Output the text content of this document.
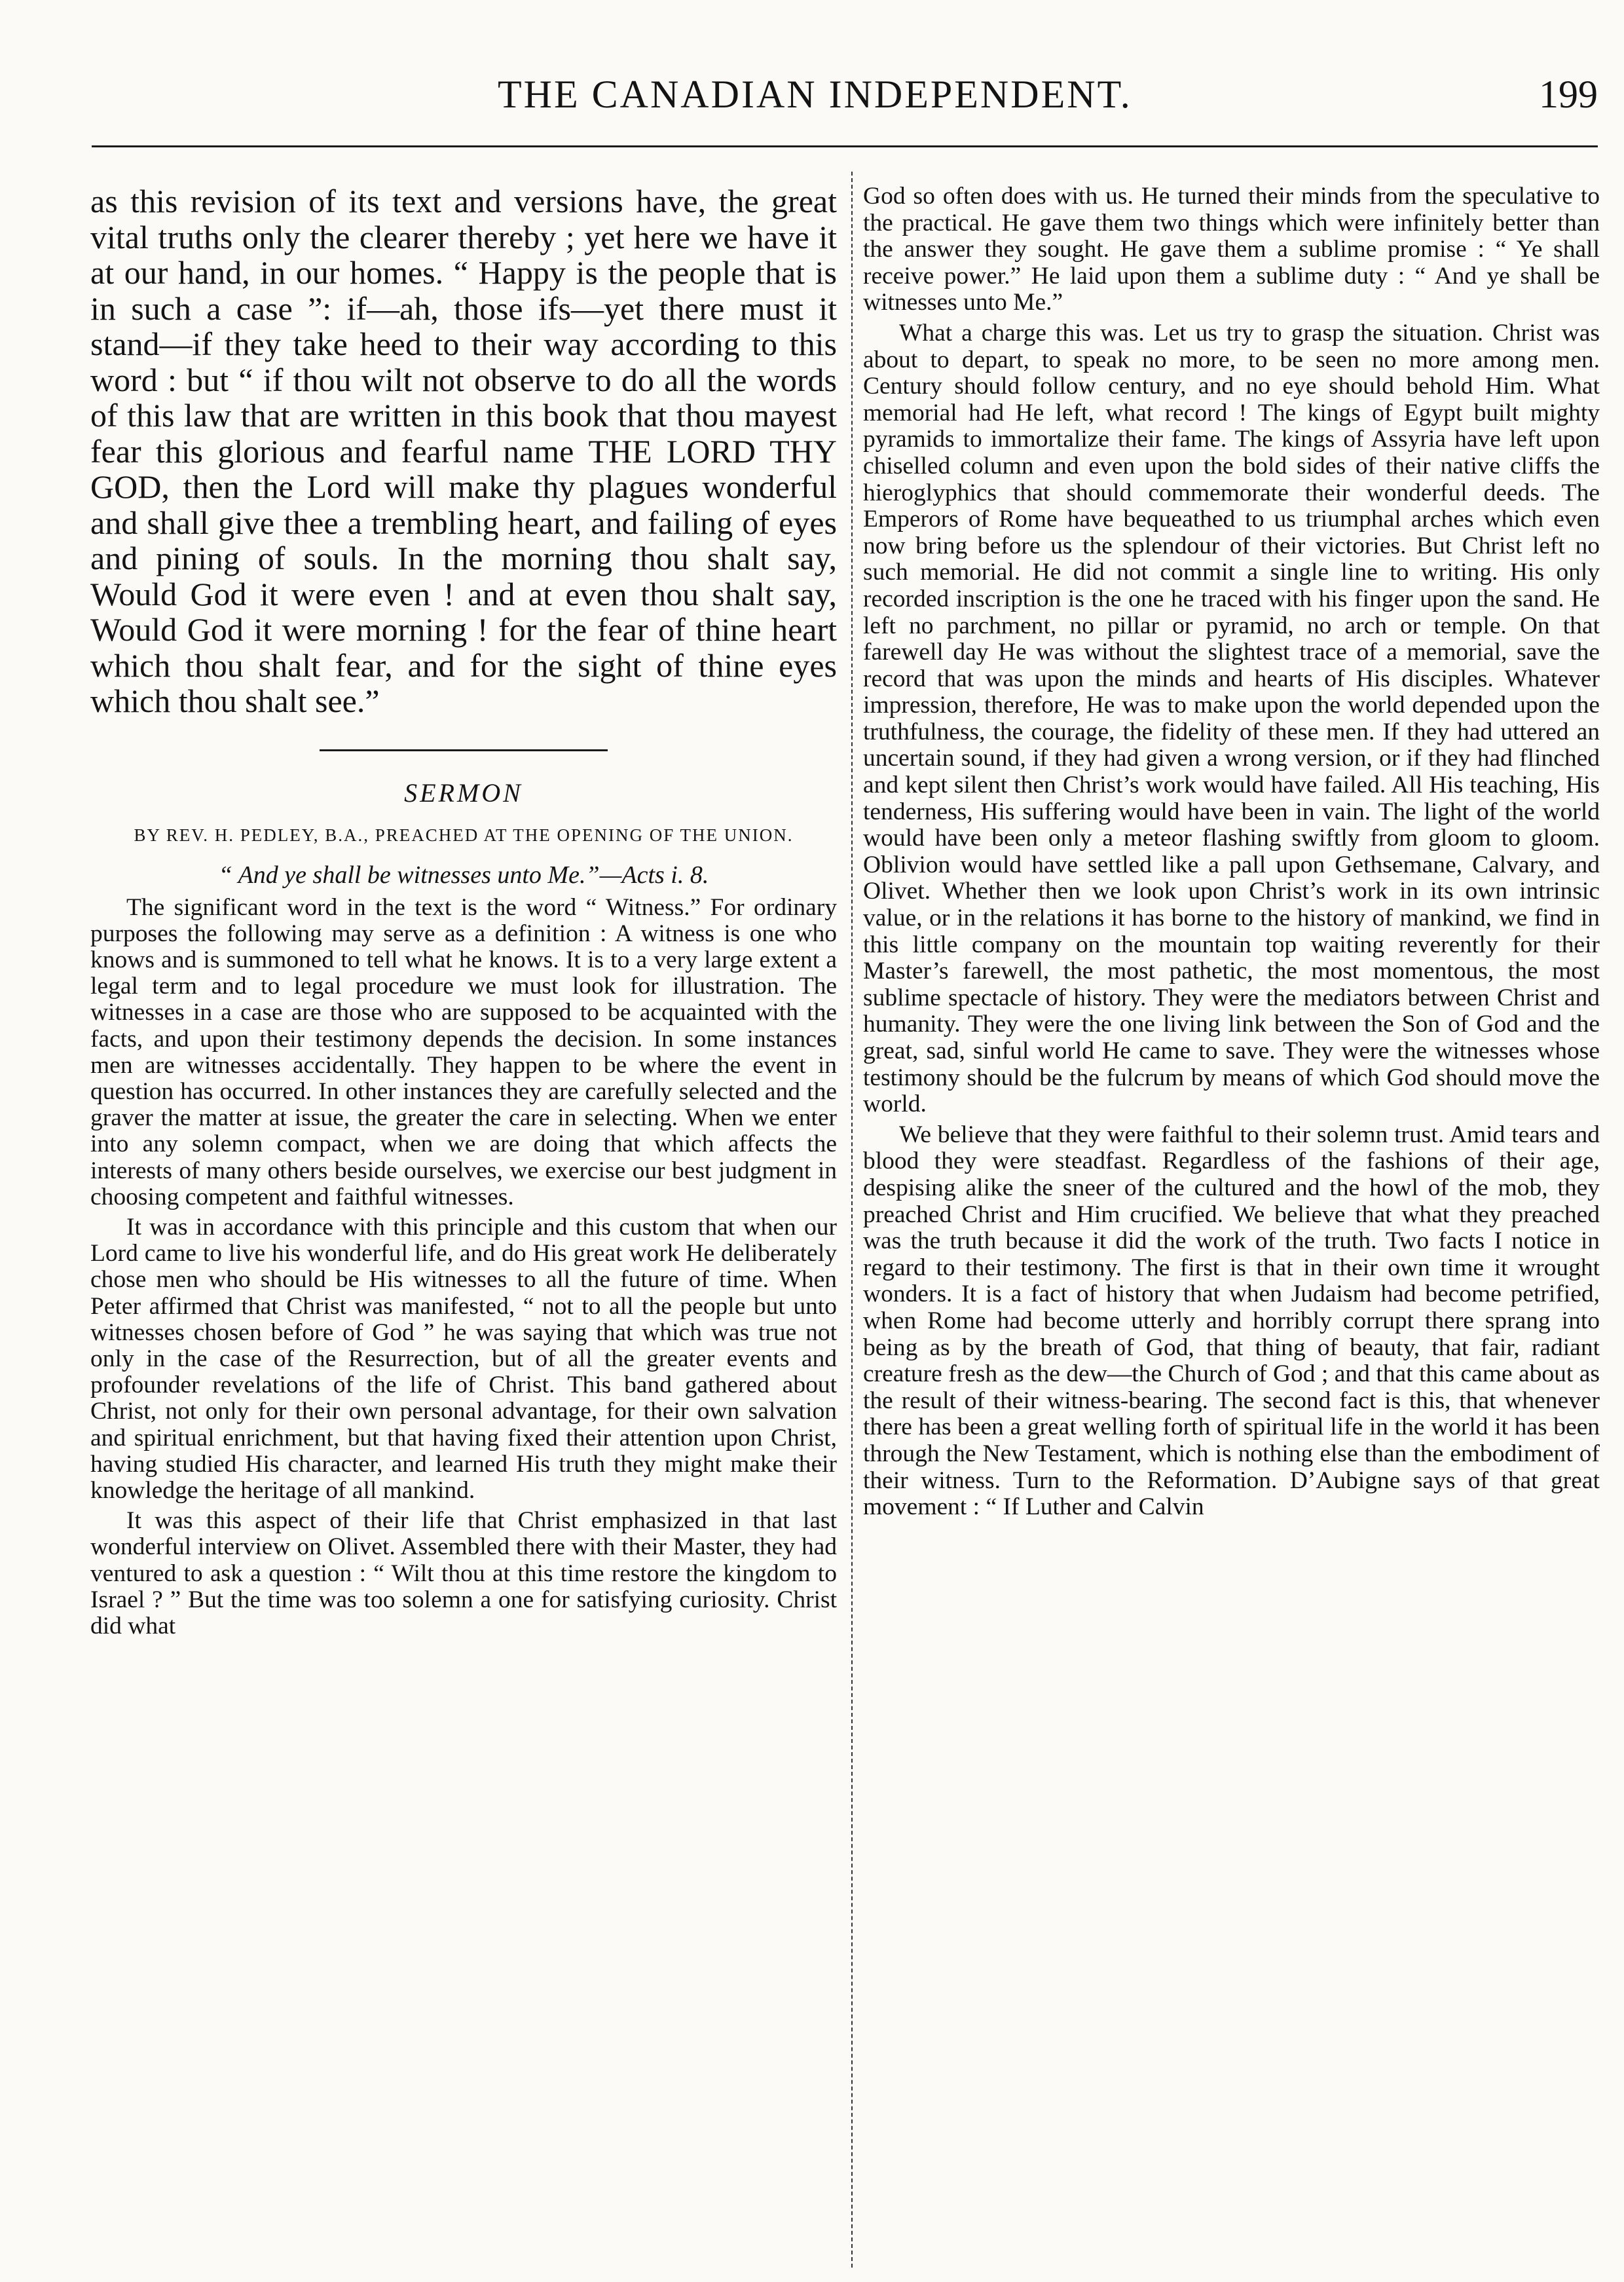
THE CANADIAN INDEPENDENT.	199

as this revision of its text and versions have, the great vital truths only the clearer thereby ; yet here we have it at our hand, in our homes. “ Happy is the people that is in such a case ”: if—ah, those ifs—yet there must it stand—if they take heed to their way according to this word : but “ if thou wilt not observe to do all the words of this law that are written in this book that thou mayest fear this glorious and fearful name THE LORD THY GOD, then the Lord will make thy plagues wonderful and shall give thee a trembling heart, and failing of eyes and pining of souls. In the morning thou shalt say, Would God it were even ! and at even thou shalt say, Would God it were morning ! for the fear of thine heart which thou shalt fear, and for the sight of thine eyes which thou shalt see.”

SERMON
BY REV. H. PEDLEY, B.A., PREACHED AT THE OPENING OF THE UNION.
“ And ye shall be witnesses unto Me.”—Acts i. 8.

The significant word in the text is the word “ Witness.” For ordinary purposes the following may serve as a definition : A witness is one who knows and is summoned to tell what he knows. It is to a very large extent a legal term and to legal procedure we must look for illustration. The witnesses in a case are those who are supposed to be acquainted with the facts, and upon their testimony depends the decision. In some instances men are witnesses accidentally. They happen to be where the event in question has occurred. In other instances they are carefully selected and the graver the matter at issue, the greater the care in selecting. When we enter into any solemn compact, when we are doing that which affects the interests of many others beside ourselves, we exercise our best judgment in choosing competent and faithful witnesses.

It was in accordance with this principle and this custom that when our Lord came to live his wonderful life, and do His great work He deliberately chose men who should be His witnesses to all the future of time. When Peter affirmed that Christ was manifested, “ not to all the people but unto witnesses chosen before of God ” he was saying that which was true not only in the case of the Resurrection, but of all the greater events and profounder revelations of the life of Christ. This band gathered about Christ, not only for their own personal advantage, for their own salvation and spiritual enrichment, but that having fixed their attention upon Christ, having studied His character, and learned His truth they might make their knowledge the heritage of all mankind.

It was this aspect of their life that Christ emphasized in that last wonderful interview on Olivet. Assembled there with their Master, they had ventured to ask a question : “ Wilt thou at this time restore the kingdom to Israel ? ” But the time was too solemn a one for satisfying curiosity. Christ did what

God so often does with us. He turned their minds from the speculative to the practical. He gave them two things which were infinitely better than the answer they sought. He gave them a sublime promise : “ Ye shall receive power.” He laid upon them a sublime duty : “ And ye shall be witnesses unto Me.”

What a charge this was. Let us try to grasp the situation. Christ was about to depart, to speak no more, to be seen no more among men. Century should follow century, and no eye should behold Him. What memorial had He left, what record ! The kings of Egypt built mighty pyramids to immortalize their fame. The kings of Assyria have left upon chiselled column and even upon the bold sides of their native cliffs the hieroglyphics that should commemorate their wonderful deeds. The Emperors of Rome have bequeathed to us triumphal arches which even now bring before us the splendour of their victories. But Christ left no such memorial. He did not commit a single line to writing. His only recorded inscription is the one he traced with his finger upon the sand. He left no parchment, no pillar or pyramid, no arch or temple. On that farewell day He was without the slightest trace of a memorial, save the record that was upon the minds and hearts of His disciples. Whatever impression, therefore, He was to make upon the world depended upon the truthfulness, the courage, the fidelity of these men. If they had uttered an uncertain sound, if they had given a wrong version, or if they had flinched and kept silent then Christ’s work would have failed. All His teaching, His tenderness, His suffering would have been in vain. The light of the world would have been only a meteor flashing swiftly from gloom to gloom. Oblivion would have settled like a pall upon Gethsemane, Calvary, and Olivet. Whether then we look upon Christ’s work in its own intrinsic value, or in the relations it has borne to the history of mankind, we find in this little company on the mountain top waiting reverently for their Master’s farewell, the most pathetic, the most momentous, the most sublime spectacle of history. They were the mediators between Christ and humanity. They were the one living link between the Son of God and the great, sad, sinful world He came to save. They were the witnesses whose testimony should be the fulcrum by means of which God should move the world.

We believe that they were faithful to their solemn trust. Amid tears and blood they were steadfast. Regardless of the fashions of their age, despising alike the sneer of the cultured and the howl of the mob, they preached Christ and Him crucified. We believe that what they preached was the truth because it did the work of the truth. Two facts I notice in regard to their testimony. The first is that in their own time it wrought wonders. It is a fact of history that when Judaism had become petrified, when Rome had become utterly and horribly corrupt there sprang into being as by the breath of God, that thing of beauty, that fair, radiant creature fresh as the dew—the Church of God ; and that this came about as the result of their witness-bearing. The second fact is this, that whenever there has been a great welling forth of spiritual life in the world it has been through the New Testament, which is nothing else than the embodiment of their witness. Turn to the Reformation. D’Aubigne says of that great movement : “ If Luther and Calvin
